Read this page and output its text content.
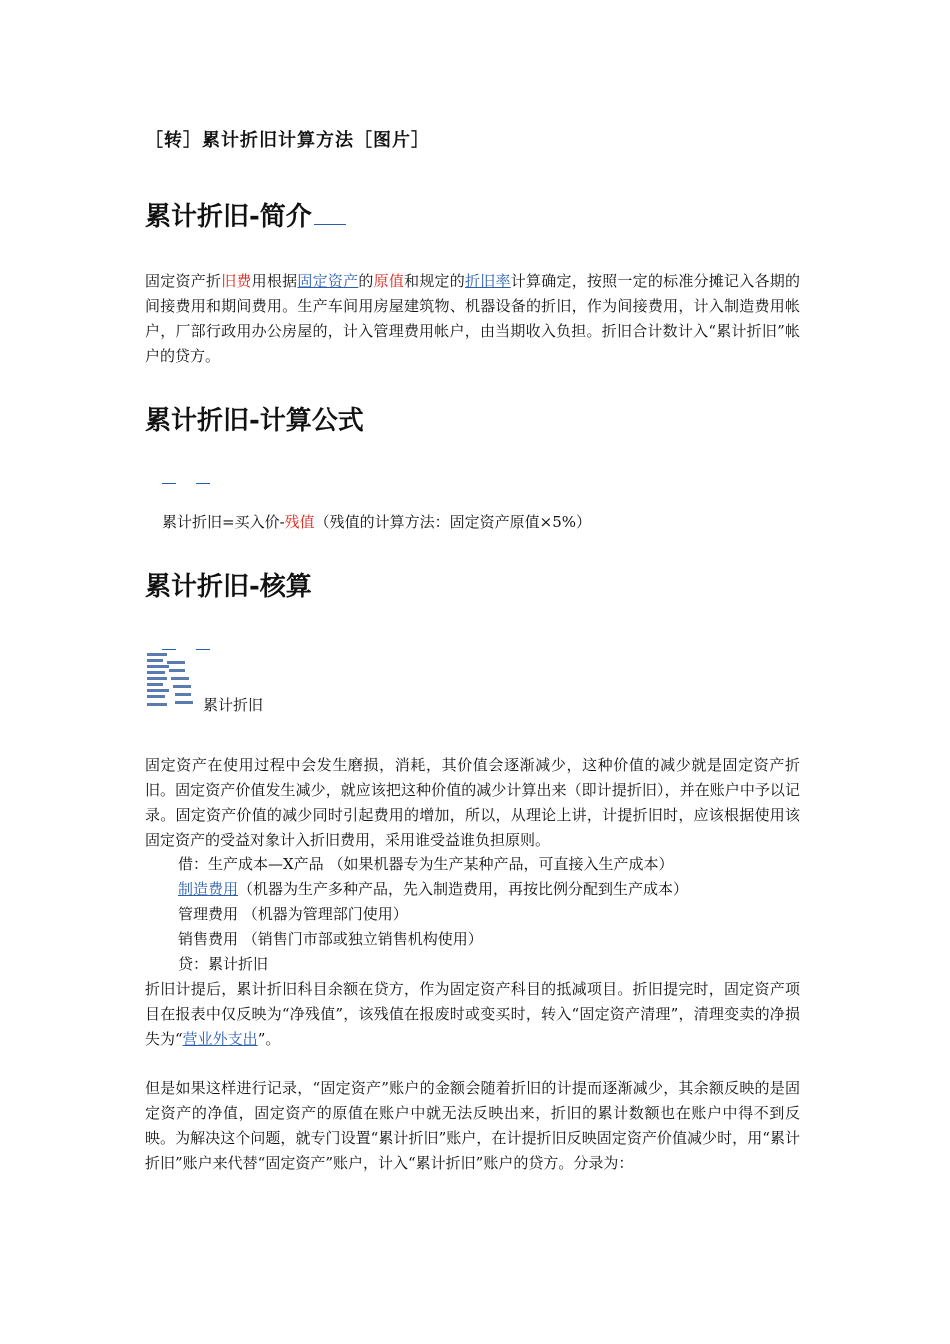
［转］累计折旧计算方法［图片］
累计折旧-简介

固定资产折旧费用根据固定资产的原值和规定的折旧率计算确定，按照一定的标准分摊记入各期的间接费用和期间费用。生产车间用房屋建筑物、机器设备的折旧，作为间接费用，计入制造费用帐户，厂部行政用办公房屋的，计入管理费用帐户，由当期收入负担。折旧合计数计入“累计折旧”帐户的贷方。

累计折旧-计算公式
累计折旧=买入价-残值（残值的计算方法：固定资产原值×5%）
累计折旧-核算
累计折旧

固定资产在使用过程中会发生磨损，消耗，其价值会逐渐减少，这种价值的减少就是固定资产折旧。固定资产价值发生减少，就应该把这种价值的减少计算出来（即计提折旧），并在账户中予以记录。固定资产价值的减少同时引起费用的增加，所以，从理论上讲，计提折旧时，应该根据使用该固定资产的受益对象计入折旧费用，采用谁受益谁负担原则。

借：生产成本—X产品 （如果机器专为生产某种产品，可直接入生产成本）
制造费用（机器为生产多种产品，先入制造费用，再按比例分配到生产成本）
管理费用 （机器为管理部门使用）
销售费用 （销售门市部或独立销售机构使用）
贷：累计折旧

折旧计提后，累计折旧科目余额在贷方，作为固定资产科目的抵减项目。折旧提完时，固定资产项目在报表中仅反映为“净残值”，该残值在报废时或变买时，转入“固定资产清理”，清理变卖的净损失为“营业外支出”。

但是如果这样进行记录，“固定资产”账户的金额会随着折旧的计提而逐渐减少，其余额反映的是固定资产的净值，固定资产的原值在账户中就无法反映出来，折旧的累计数额也在账户中得不到反映。为解决这个问题，就专门设置“累计折旧”账户，在计提折旧反映固定资产价值减少时，用“累计折旧”账户来代替“固定资产”账户，计入“累计折旧”账户的贷方。分录为：
